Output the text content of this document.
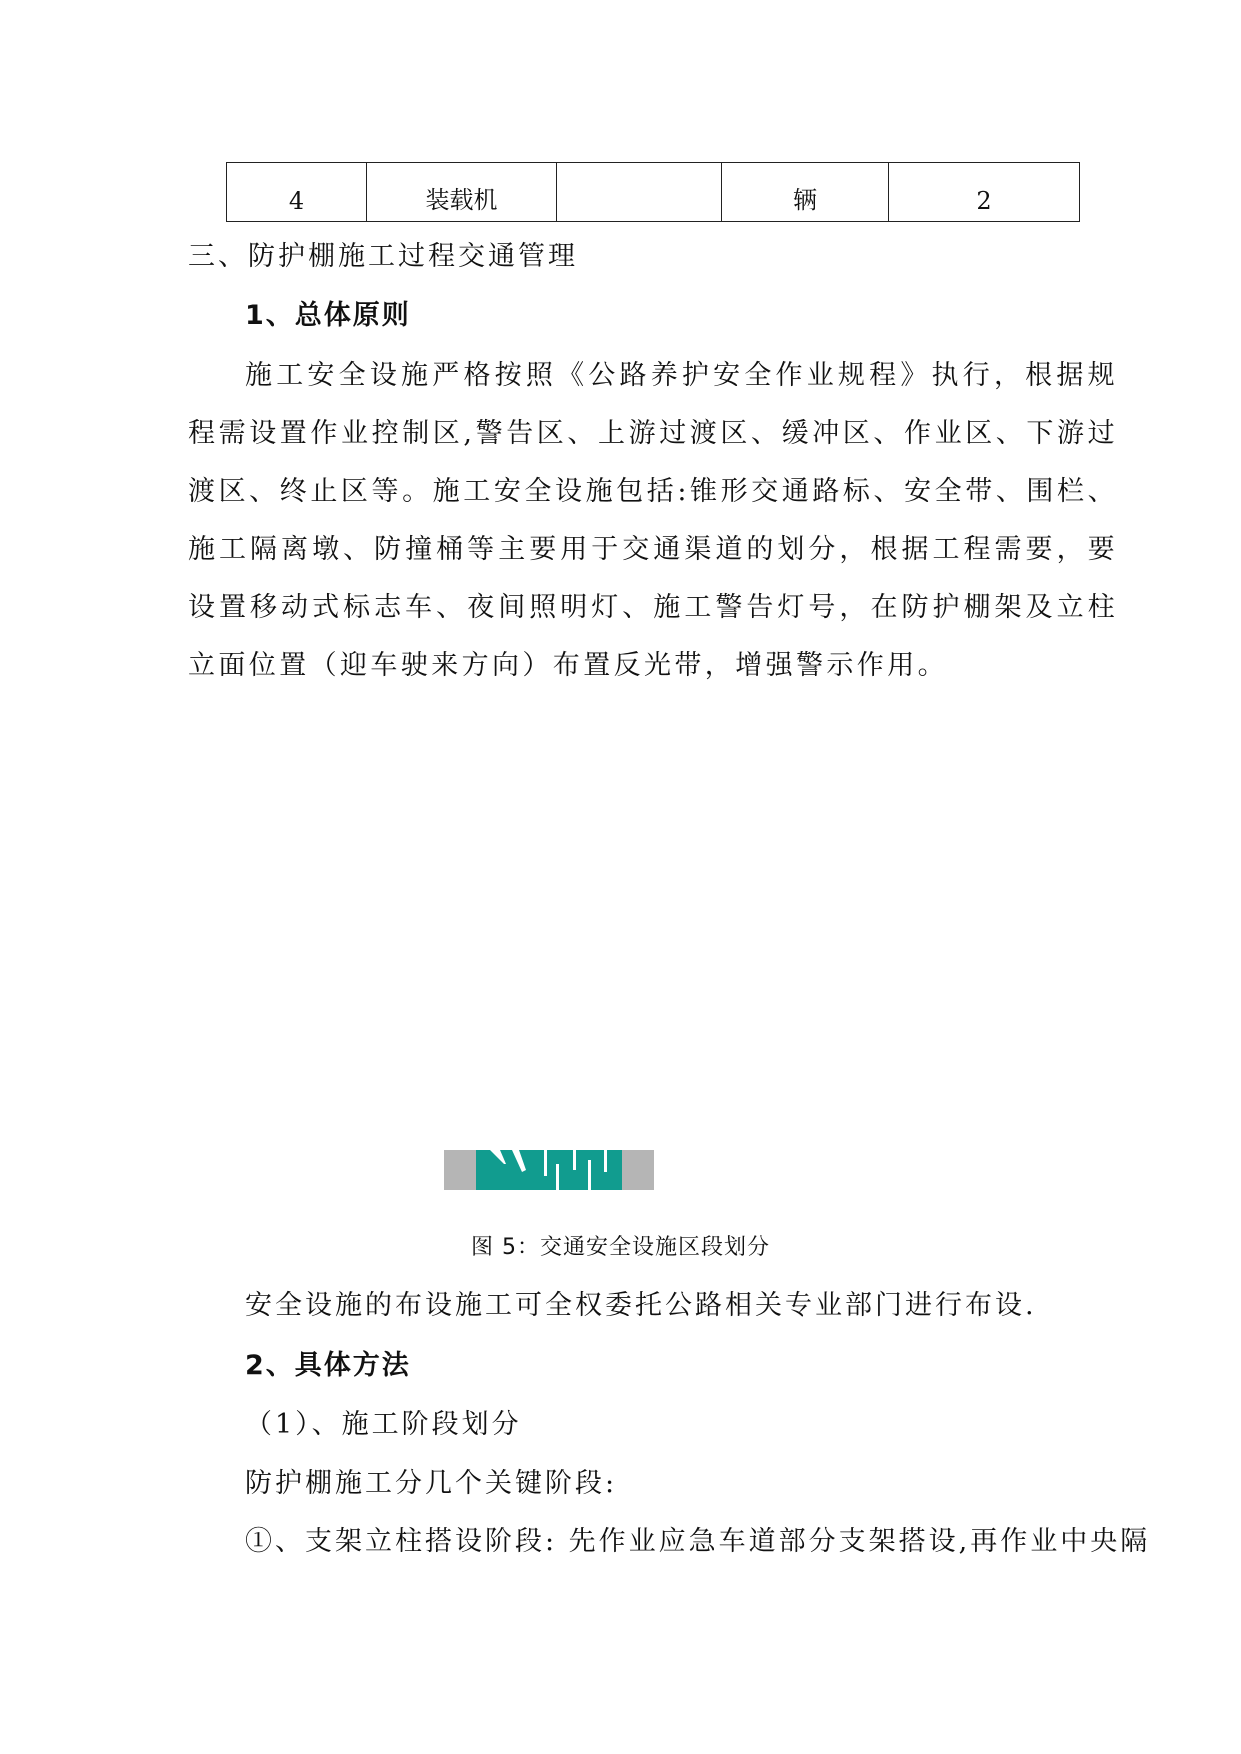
4	装载机		辆	2
三、防护棚施工过程交通管理
1、总体原则
施工安全设施严格按照《公路养护安全作业规程》执行，根据规程需设置作业控制区,警告区、上游过渡区、缓冲区、作业区、下游过渡区、终止区等。施工安全设施包括:锥形交通路标、安全带、围栏、施工隔离墩、防撞桶等主要用于交通渠道的划分，根据工程需要，要设置移动式标志车、夜间照明灯、施工警告灯号，在防护棚架及立柱立面位置（迎车驶来方向）布置反光带，增强警示作用。
图 5：交通安全设施区段划分
安全设施的布设施工可全权委托公路相关专业部门进行布设.
2、具体方法
（1）、施工阶段划分
防护棚施工分几个关键阶段:
①、支架立柱搭设阶段: 先作业应急车道部分支架搭设,再作业中央隔
